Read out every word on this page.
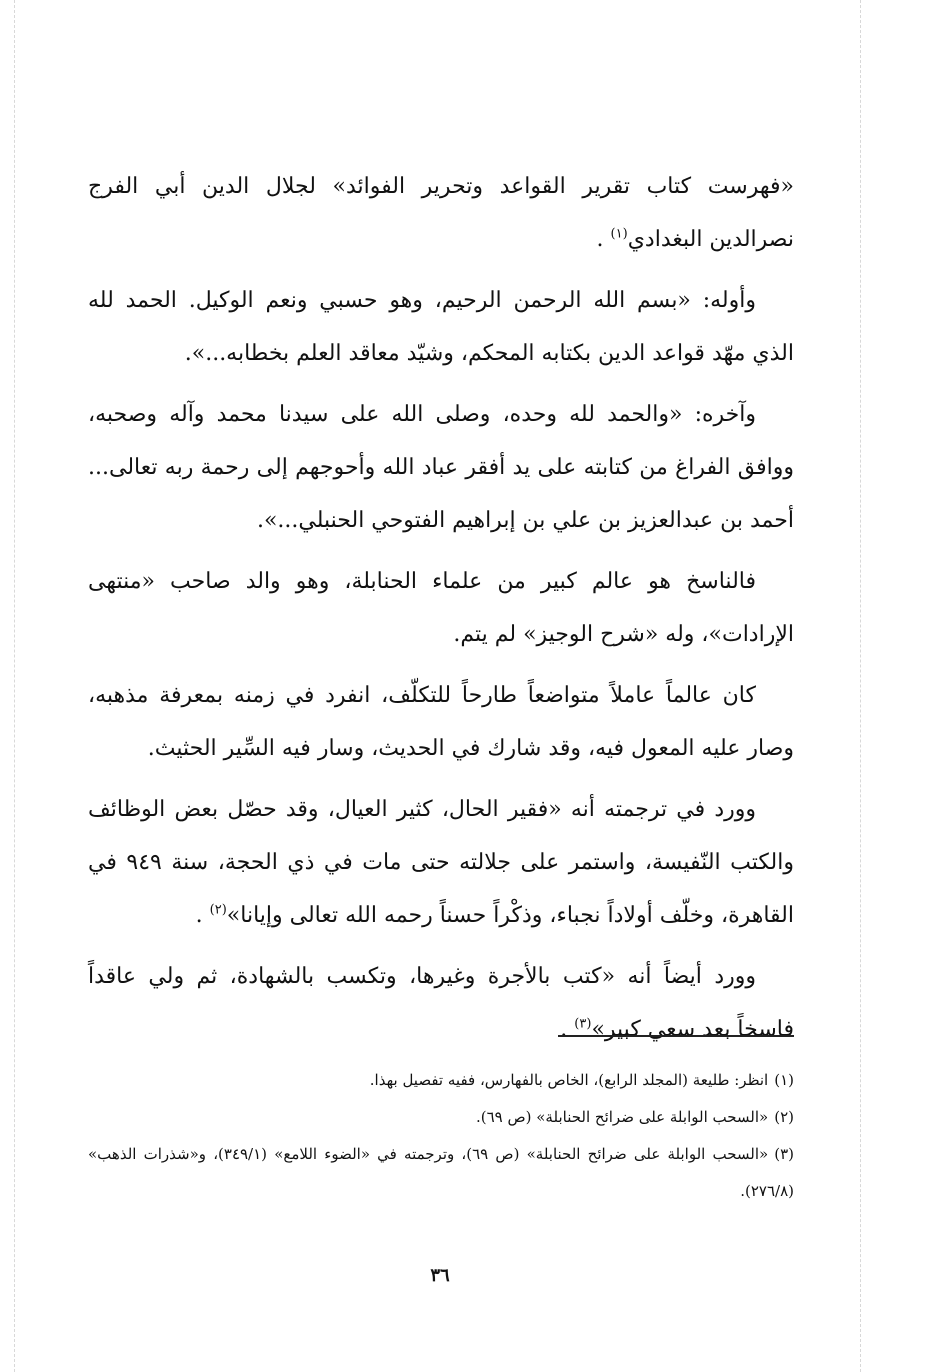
«فهرست كتاب تقرير القواعد وتحرير الفوائد» لجلال الدين أبي الفرج نصرالدين البغدادي$^{(١)}$ .

وأوله: «بسم الله الرحمن الرحيم، وهو حسبي ونعم الوكيل. الحمد لله الذي مهّد قواعد الدين بكتابه المحكم، وشيّد معاقد العلم بخطابه...».

وآخره: «والحمد لله وحده، وصلى الله على سيدنا محمد وآله وصحبه، ووافق الفراغ من كتابته على يد أفقر عباد الله وأحوجهم إلى رحمة ربه تعالى... أحمد بن عبدالعزيز بن علي بن إبراهيم الفتوحي الحنبلي...».

فالناسخ هو عالم كبير من علماء الحنابلة، وهو والد صاحب «منتهى الإرادات»، وله «شرح الوجيز» لم يتم.

كان عالماً عاملاً متواضعاً طارحاً للتكلّف، انفرد في زمنه بمعرفة مذهبه، وصار عليه المعول فيه، وقد شارك في الحديث، وسار فيه السِّير الحثيث.

وورد في ترجمته أنه «فقير الحال، كثير العيال، وقد حصّل بعض الوظائف والكتب النّفيسة، واستمر على جلالته حتى مات في ذي الحجة، سنة ٩٤٩ في القاهرة، وخلّف أولاداً نجباء، وذكْراً حسناً رحمه الله تعالى وإيانا»$^{(٢)}$ .

وورد أيضاً أنه «كتب بالأجرة وغيرها، وتكسب بالشهادة، ثم ولي عاقداً فاسخاً بعد سعي كبير»$^{(٣)}$ .

(١)انظر: طليعة (المجلد الرابع)، الخاص بالفهارس، ففيه تفصيل بهذا.

(٢)«السحب الوابلة على ضرائح الحنابلة» (ص ٦٩).

(٣)«السحب الوابلة على ضرائح الحنابلة» (ص ٦٩)، وترجمته في «الضوء اللامع» (٣٤٩/١)، و«شذرات الذهب» (٢٧٦/٨).

٣٦
